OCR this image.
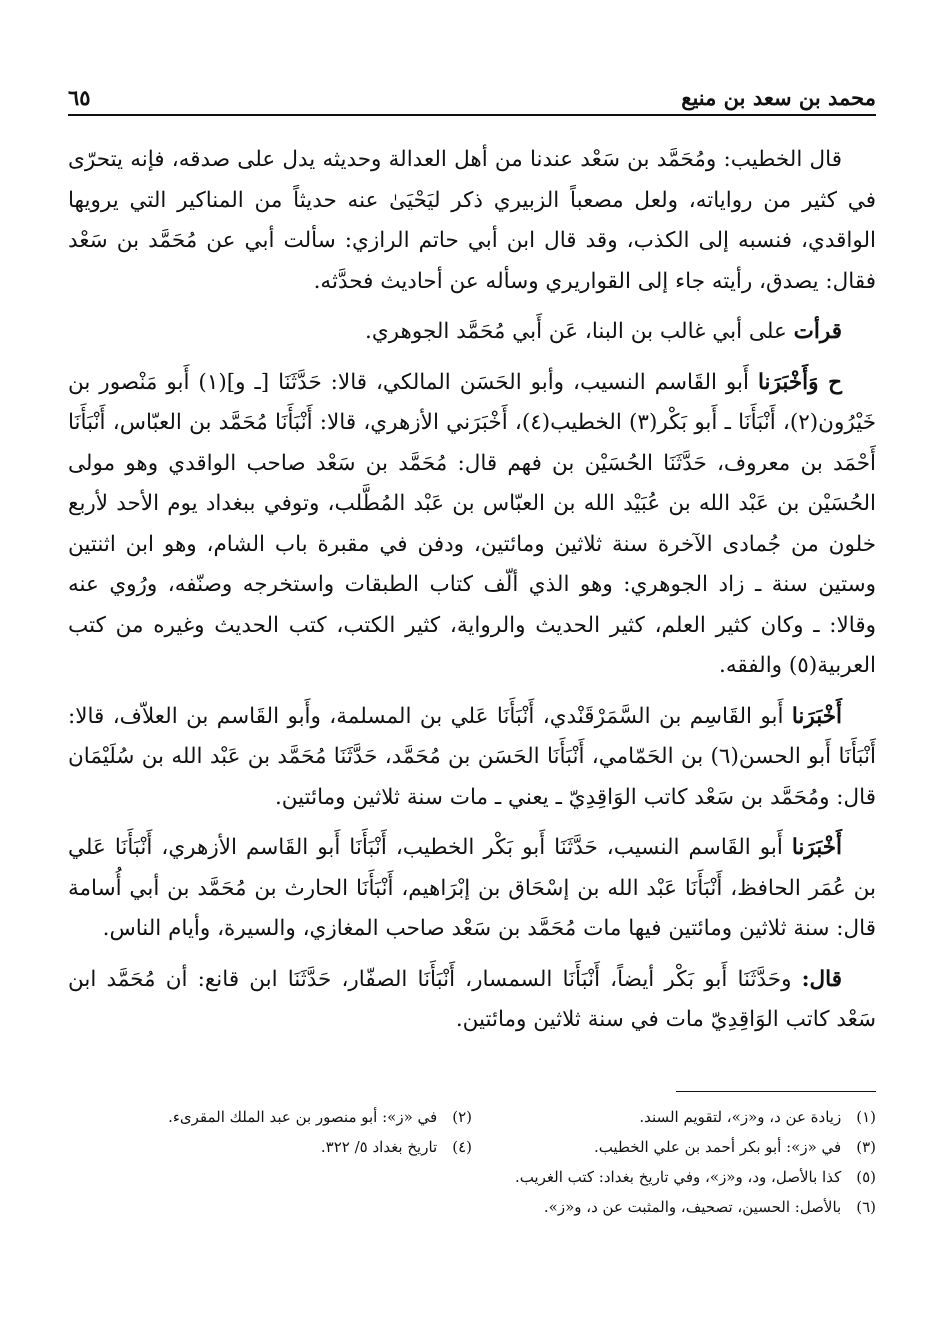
محمد بن سعد بن منيع
٦٥

قال الخطيب: ومُحَمَّد بن سَعْد عندنا من أهل العدالة وحديثه يدل على صدقه، فإنه يتحرّى في كثير من رواياته، ولعل مصعباً الزبيري ذكر ليَحْيَىٰ عنه حديثاً من المناكير التي يرويها الواقدي، فنسبه إلى الكذب، وقد قال ابن أبي حاتم الرازي: سألت أبي عن مُحَمَّد بن سَعْد فقال: يصدق، رأيته جاء إلى القواريري وسأله عن أحاديث فحدَّثه.

قرأت على أبي غالب بن البنا، عَن أَبي مُحَمَّد الجوهري.

ح وَأَخْبَرَنا أَبو القَاسم النسيب، وأبو الحَسَن المالكي، قالا: حَدَّثَنَا [ـ و](١) أَبو مَنْصور بن خَيْرُون(٢)، أَنْبَأَنَا ـ أَبو بَكْر(٣) الخطيب(٤)، أَخْبَرَني الأزهري، قالا: أَنْبَأَنَا مُحَمَّد بن العبّاس، أَنْبَأَنَا أَحْمَد بن معروف، حَدَّثَنَا الحُسَيْن بن فهم قال: مُحَمَّد بن سَعْد صاحب الواقدي وهو مولى الحُسَيْن بن عَبْد الله بن عُبَيْد الله بن العبّاس بن عَبْد المُطَّلب، وتوفي ببغداد يوم الأحد لأربع خلون من جُمادى الآخرة سنة ثلاثين ومائتين، ودفن في مقبرة باب الشام، وهو ابن اثنتين وستين سنة ـ زاد الجوهري: وهو الذي ألّف كتاب الطبقات واستخرجه وصنّفه، ورُوي عنه وقالا: ـ وكان كثير العلم، كثير الحديث والرواية، كثير الكتب، كتب الحديث وغيره من كتب العربية(٥) والفقه.

أَخْبَرَنا أَبو القَاسِم بن السَّمَرْقَنْدي، أَنْبَأَنَا عَلي بن المسلمة، وأَبو القَاسم بن العلاّف، قالا: أَنْبَأَنَا أَبو الحسن(٦) بن الحَمّامي، أَنْبَأَنَا الحَسَن بن مُحَمَّد، حَدَّثَنَا مُحَمَّد بن عَبْد الله بن سُلَيْمَان قال: ومُحَمَّد بن سَعْد كاتب الوَاقِدِيّ ـ يعني ـ مات سنة ثلاثين ومائتين.

أَخْبَرَنا أَبو القَاسم النسيب، حَدَّثَنَا أَبو بَكْر الخطيب، أَنْبَأَنَا أَبو القَاسم الأزهري، أَنْبَأَنَا عَلي بن عُمَر الحافظ، أَنْبَأَنَا عَبْد الله بن إسْحَاق بن إبْرَاهيم، أَنْبَأَنَا الحارث بن مُحَمَّد بن أبي أُسامة قال: سنة ثلاثين ومائتين فيها مات مُحَمَّد بن سَعْد صاحب المغازي، والسيرة، وأيام الناس.

قال: وحَدَّثَنَا أَبو بَكْر أيضاً، أَنْبَأَنَا السمسار، أَنْبَأَنَا الصفّار، حَدَّثَنَا ابن قانع: أن مُحَمَّد ابن سَعْد كاتب الوَاقِدِيّ مات في سنة ثلاثين ومائتين.

(١) زيادة عن د، و«ز»، لتقويم السند.
(٢) في «ز»: أبو منصور بن عبد الملك المقرىء.
(٣) في «ز»: أبو بكر أحمد بن علي الخطيب.
(٤) تاريخ بغداد ٥/ ٣٢٢.
(٥) كذا بالأصل، ود، و«ز»، وفي تاريخ بغداد: كتب الغريب.
(٦) بالأصل: الحسين، تصحيف، والمثبت عن د، و«ز».
